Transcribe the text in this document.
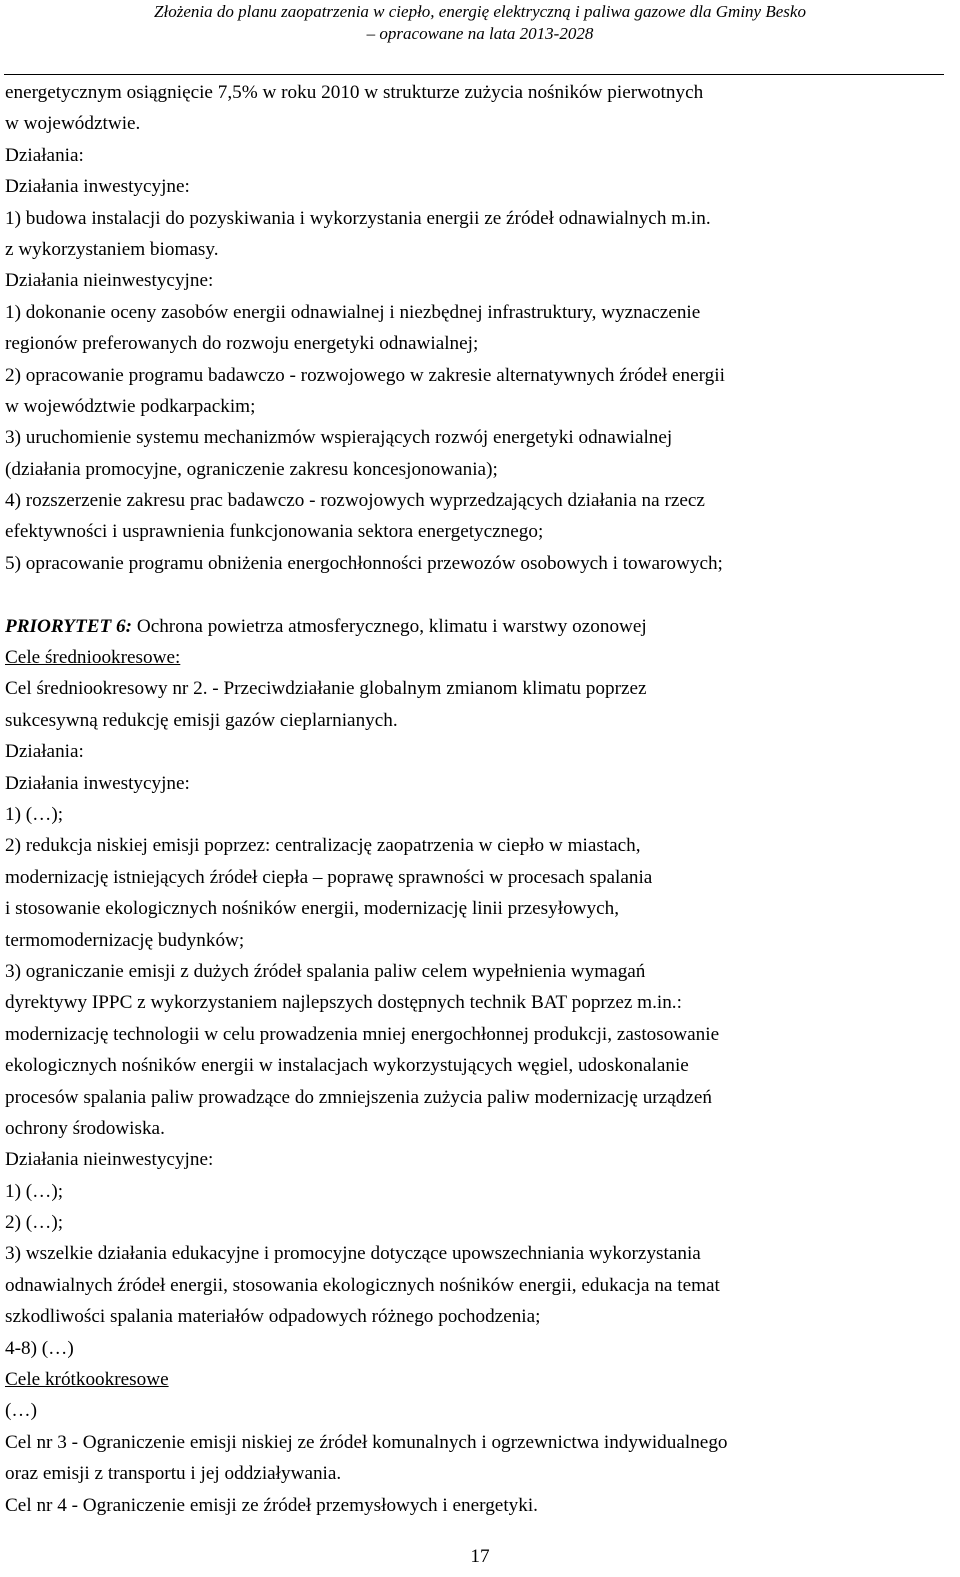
Złożenia do planu zaopatrzenia w ciepło, energię elektryczną i paliwa gazowe dla Gminy Besko
– opracowane na lata 2013-2028
energetycznym osiągnięcie 7,5% w roku 2010 w strukturze zużycia nośników pierwotnych
w województwie.
Działania:
Działania inwestycyjne:
1) budowa instalacji do pozyskiwania i wykorzystania energii ze źródeł odnawialnych m.in.
z wykorzystaniem biomasy.
Działania nieinwestycyjne:
1) dokonanie oceny zasobów energii odnawialnej i niezbędnej infrastruktury, wyznaczenie
regionów preferowanych do rozwoju energetyki odnawialnej;
2) opracowanie programu badawczo - rozwojowego w zakresie alternatywnych źródeł energii
w województwie podkarpackim;
3) uruchomienie systemu mechanizmów wspierających rozwój energetyki odnawialnej
(działania promocyjne, ograniczenie zakresu koncesjonowania);
4) rozszerzenie zakresu prac badawczo - rozwojowych wyprzedzających działania na rzecz
efektywności i usprawnienia funkcjonowania sektora energetycznego;
5) opracowanie programu obniżenia energochłonności przewozów osobowych i towarowych;
PRIORYTET 6: Ochrona powietrza atmosferycznego, klimatu i warstwy ozonowej
Cele średniookresowe:
Cel średniookresowy nr 2. - Przeciwdziałanie globalnym zmianom klimatu poprzez
sukcesywną redukcję emisji gazów cieplarnianych.
Działania:
Działania inwestycyjne:
1) (…);
2) redukcja niskiej emisji poprzez: centralizację zaopatrzenia w ciepło w miastach,
modernizację istniejących źródeł ciepła – poprawę sprawności w procesach spalania
i stosowanie ekologicznych nośników energii, modernizację linii przesyłowych,
termomodernizację budynków;
3) ograniczanie emisji z dużych źródeł spalania paliw celem wypełnienia wymagań
dyrektywy IPPC z wykorzystaniem najlepszych dostępnych technik BAT poprzez m.in.:
modernizację technologii w celu prowadzenia mniej energochłonnej produkcji, zastosowanie
ekologicznych nośników energii w instalacjach wykorzystujących węgiel, udoskonalanie
procesów spalania paliw prowadzące do zmniejszenia zużycia paliw modernizację urządzeń
ochrony środowiska.
Działania nieinwestycyjne:
1) (…);
2) (…);
3) wszelkie działania edukacyjne i promocyjne dotyczące upowszechniania wykorzystania
odnawialnych źródeł energii, stosowania ekologicznych nośników energii, edukacja na temat
szkodliwości spalania materiałów odpadowych różnego pochodzenia;
4-8) (…)
Cele krótkookresowe
(…)
Cel nr 3 - Ograniczenie emisji niskiej ze źródeł komunalnych i ogrzewnictwa indywidualnego
oraz emisji z transportu i jej oddziaływania.
Cel nr 4 - Ograniczenie emisji ze źródeł przemysłowych i energetyki.
17
